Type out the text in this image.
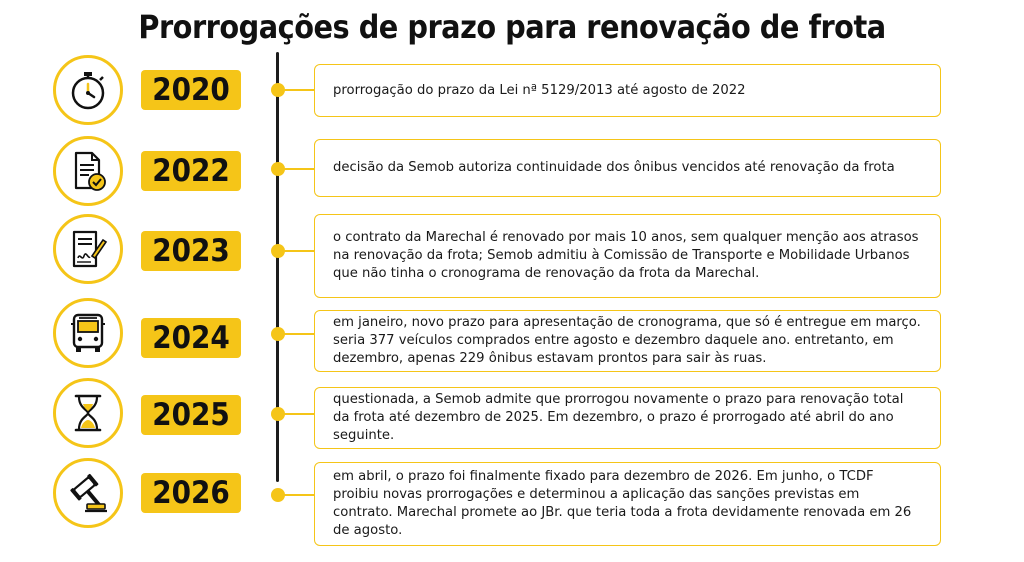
Prorrogações de prazo para renovação de frota
2020	prorrogação do prazo da Lei nª 5129/2013 até agosto de 2022
2022	decisão da Semob autoriza continuidade dos ônibus vencidos até renovação da frota
2023	o contrato da Marechal é renovado por mais 10 anos, sem qualquer menção aos atrasos na renovação da frota; Semob admitiu à Comissão de Transporte e Mobilidade Urbanos que não tinha o cronograma de renovação da frota da Marechal.
2024	em janeiro, novo prazo para apresentação de cronograma, que só é entregue em março. seria 377 veículos comprados entre agosto e dezembro daquele ano. entretanto, em dezembro, apenas 229 ônibus estavam prontos para sair às ruas.
2025	questionada, a Semob admite que prorrogou novamente o prazo para renovação total da frota até dezembro de 2025. Em dezembro, o prazo é prorrogado até abril do ano seguinte.
2026	em abril, o prazo foi finalmente fixado para dezembro de 2026. Em junho, o TCDF proibiu novas prorrogações e determinou a aplicação das sanções previstas em contrato. Marechal promete ao JBr. que teria toda a frota devidamente renovada em 26 de agosto.
